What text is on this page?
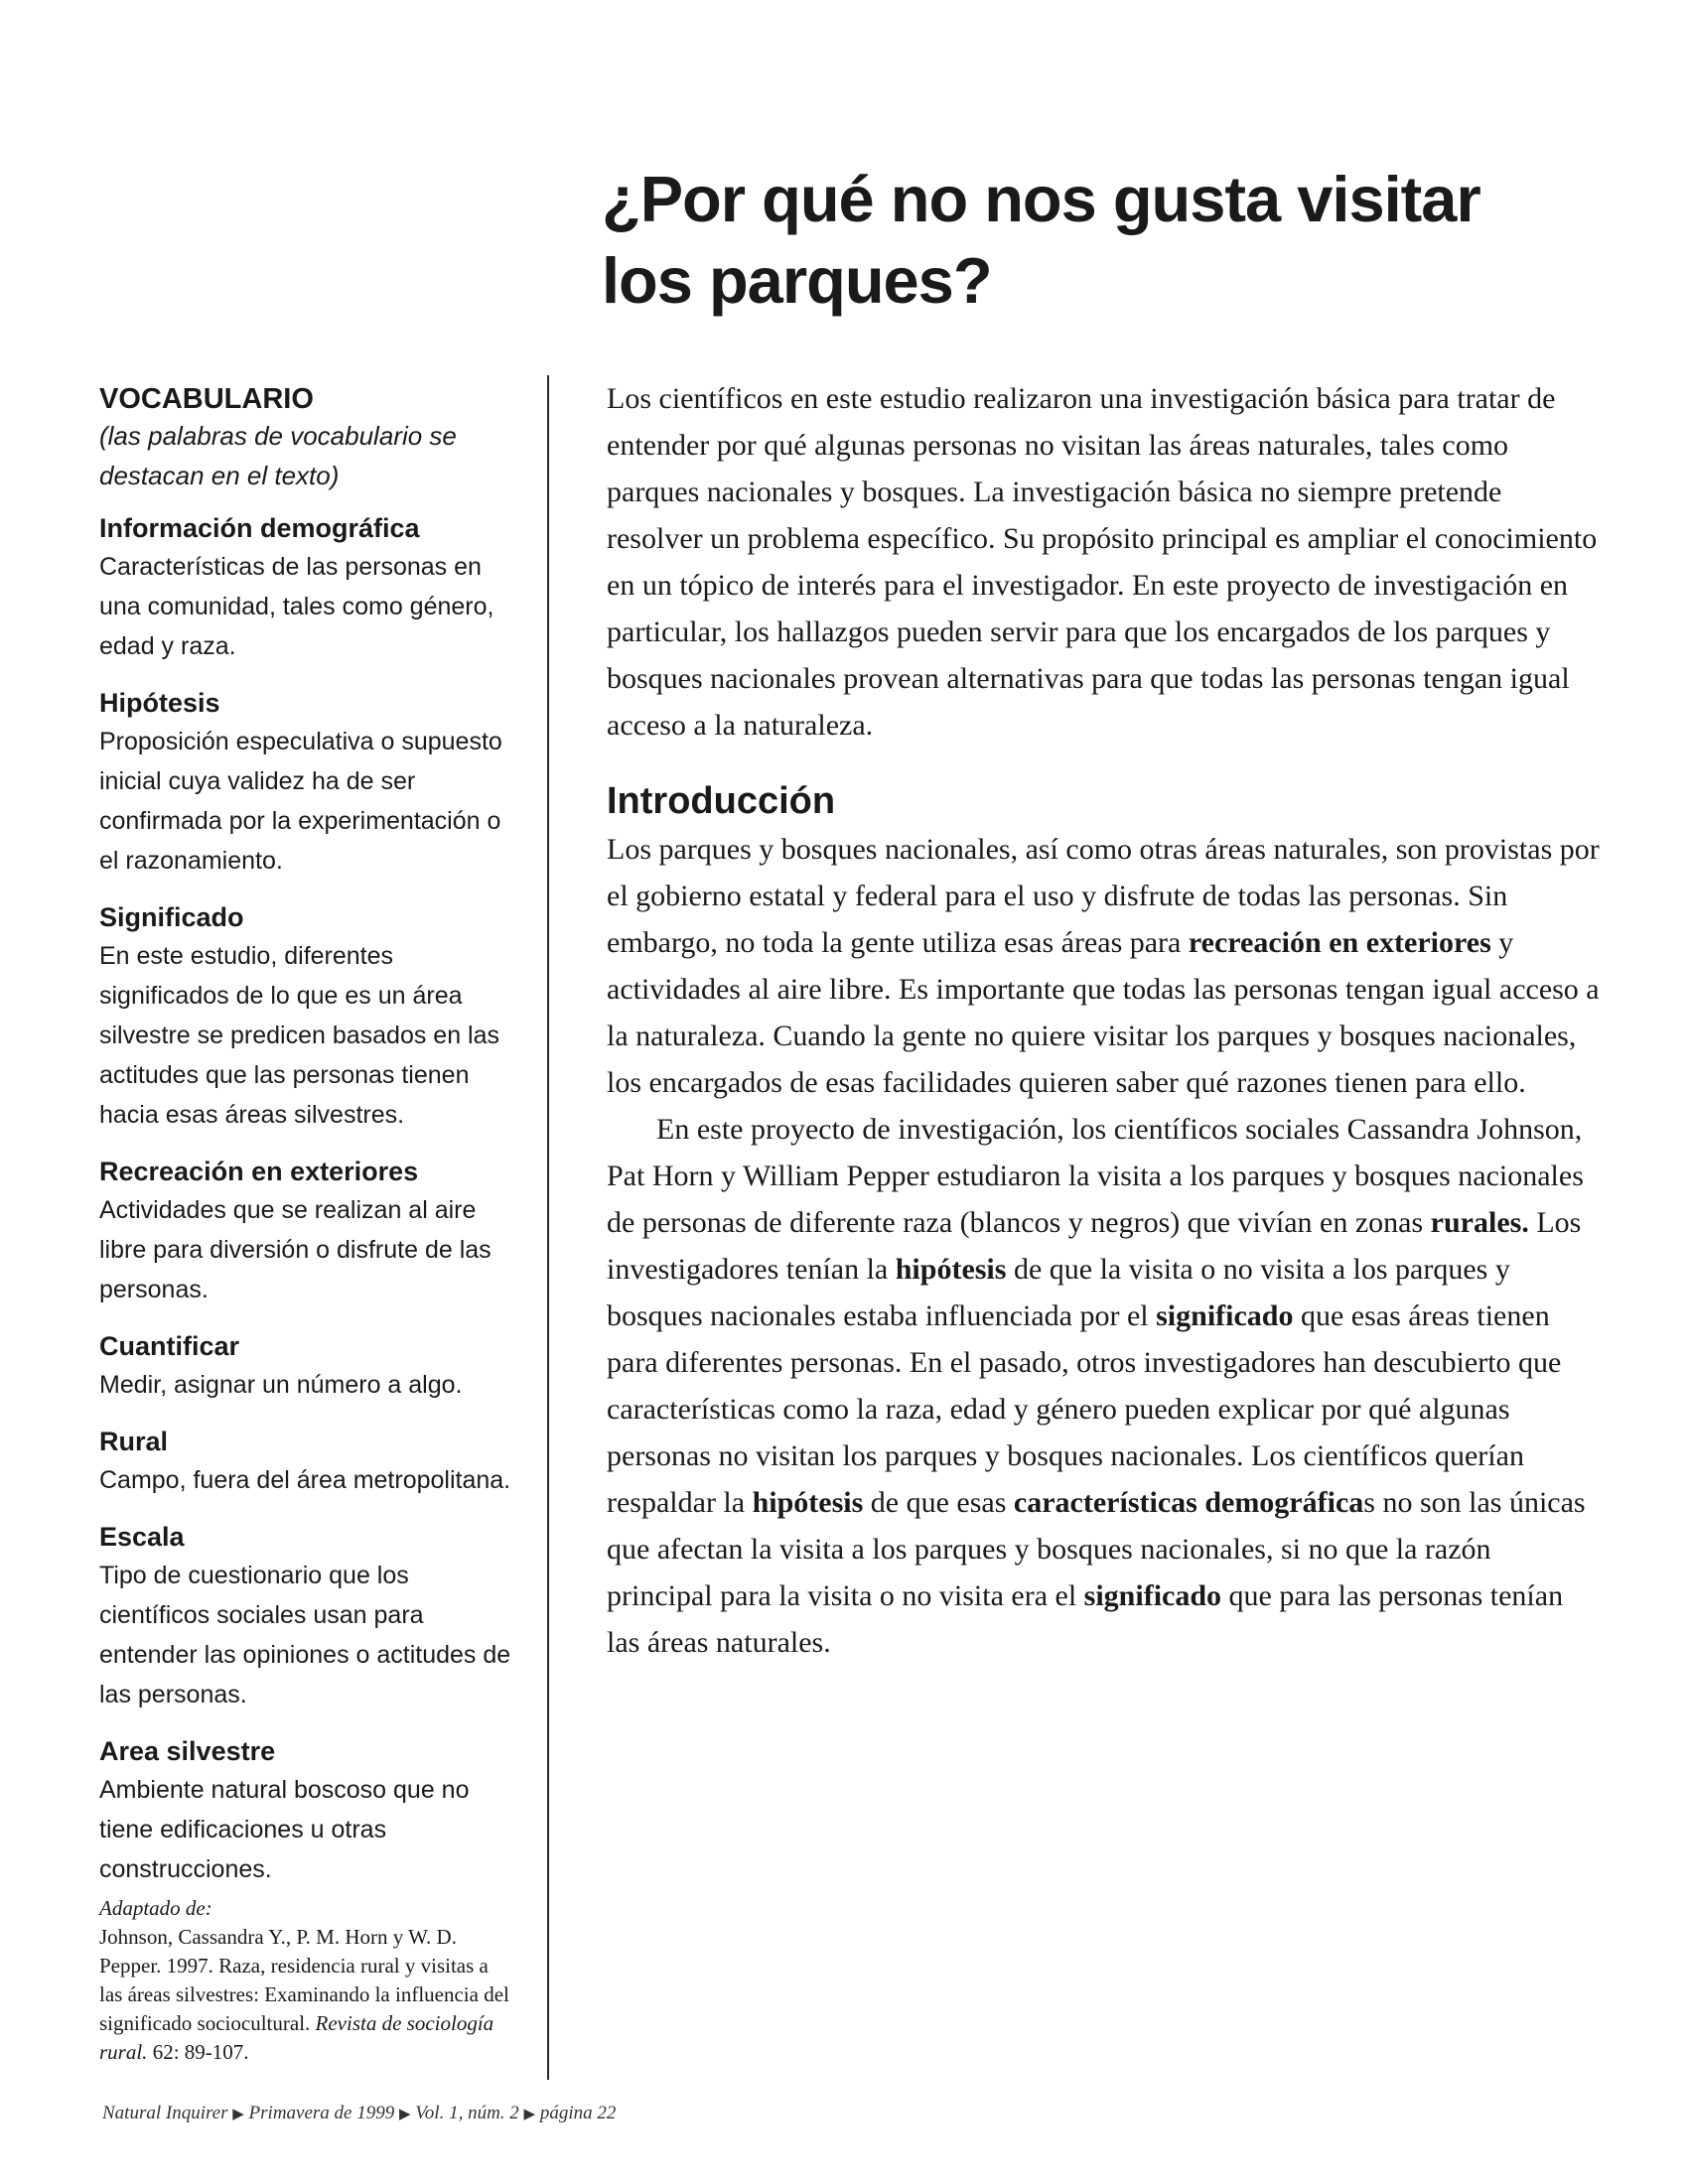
¿Por qué no nos gusta visitar
los parques?

VOCABULARIO

(las palabras de vocabulario se destacan en el texto)

Información demográfica
Características de las personas en una comunidad, tales como género, edad y raza.
Hipótesis
Proposición especulativa o supuesto inicial cuya validez ha de ser confirmada por la experimentación o el razonamiento.
Significado
En este estudio, diferentes significados de lo que es un área silvestre se predicen basados en las actitudes que las personas tienen hacia esas áreas silvestres.
Recreación en exteriores
Actividades que se realizan al aire libre para diversión o disfrute de las personas.
Cuantificar
Medir, asignar un número a algo.
Rural
Campo, fuera del área metropolitana.
Escala
Tipo de cuestionario que los científicos sociales usan para entender las opiniones o actitudes de las personas.
Area silvestre
Ambiente natural boscoso que no tiene edificaciones u otras construcciones.
Adaptado de:
Johnson, Cassandra Y., P. M. Horn y W. D. Pepper. 1997. Raza, residencia rural y visitas a las áreas silvestres: Examinando la influencia del significado sociocultural. Revista de sociología rural. 62: 89-107.

Los científicos en este estudio realizaron una investigación básica para tratar de entender por qué algunas personas no visitan las áreas naturales, tales como parques nacionales y bosques. La investigación básica no siempre pretende resolver un problema específico. Su propósito principal es ampliar el conocimiento en un tópico de interés para el investigador. En este proyecto de investigación en particular, los hallazgos pueden servir para que los encargados de los parques y bosques nacionales provean alternativas para que todas las personas tengan igual acceso a la naturaleza.

Introducción

Los parques y bosques nacionales, así como otras áreas naturales, son provistas por el gobierno estatal y federal para el uso y disfrute de todas las personas. Sin embargo, no toda la gente utiliza esas áreas para recreación en exteriores y actividades al aire libre. Es importante que todas las personas tengan igual acceso a la naturaleza. Cuando la gente no quiere visitar los parques y bosques nacionales, los encargados de esas facilidades quieren saber qué razones tienen para ello.

En este proyecto de investigación, los científicos sociales Cassandra Johnson, Pat Horn y William Pepper estudiaron la visita a los parques y bosques nacionales de personas de diferente raza (blancos y negros) que vivían en zonas rurales. Los investigadores tenían la hipótesis de que la visita o no visita a los parques y bosques nacionales estaba influenciada por el significado que esas áreas tienen para diferentes personas. En el pasado, otros investigadores han descubierto que características como la raza, edad y género pueden explicar por qué algunas personas no visitan los parques y bosques nacionales. Los científicos querían respaldar la hipótesis de que esas características demográficas no son las únicas que afectan la visita a los parques y bosques nacionales, si no que la razón principal para la visita o no visita era el significado que para las personas tenían las áreas naturales.

Natural Inquirer ▶ Primavera de 1999 ▶ Vol. 1, núm. 2 ▶ página 22
